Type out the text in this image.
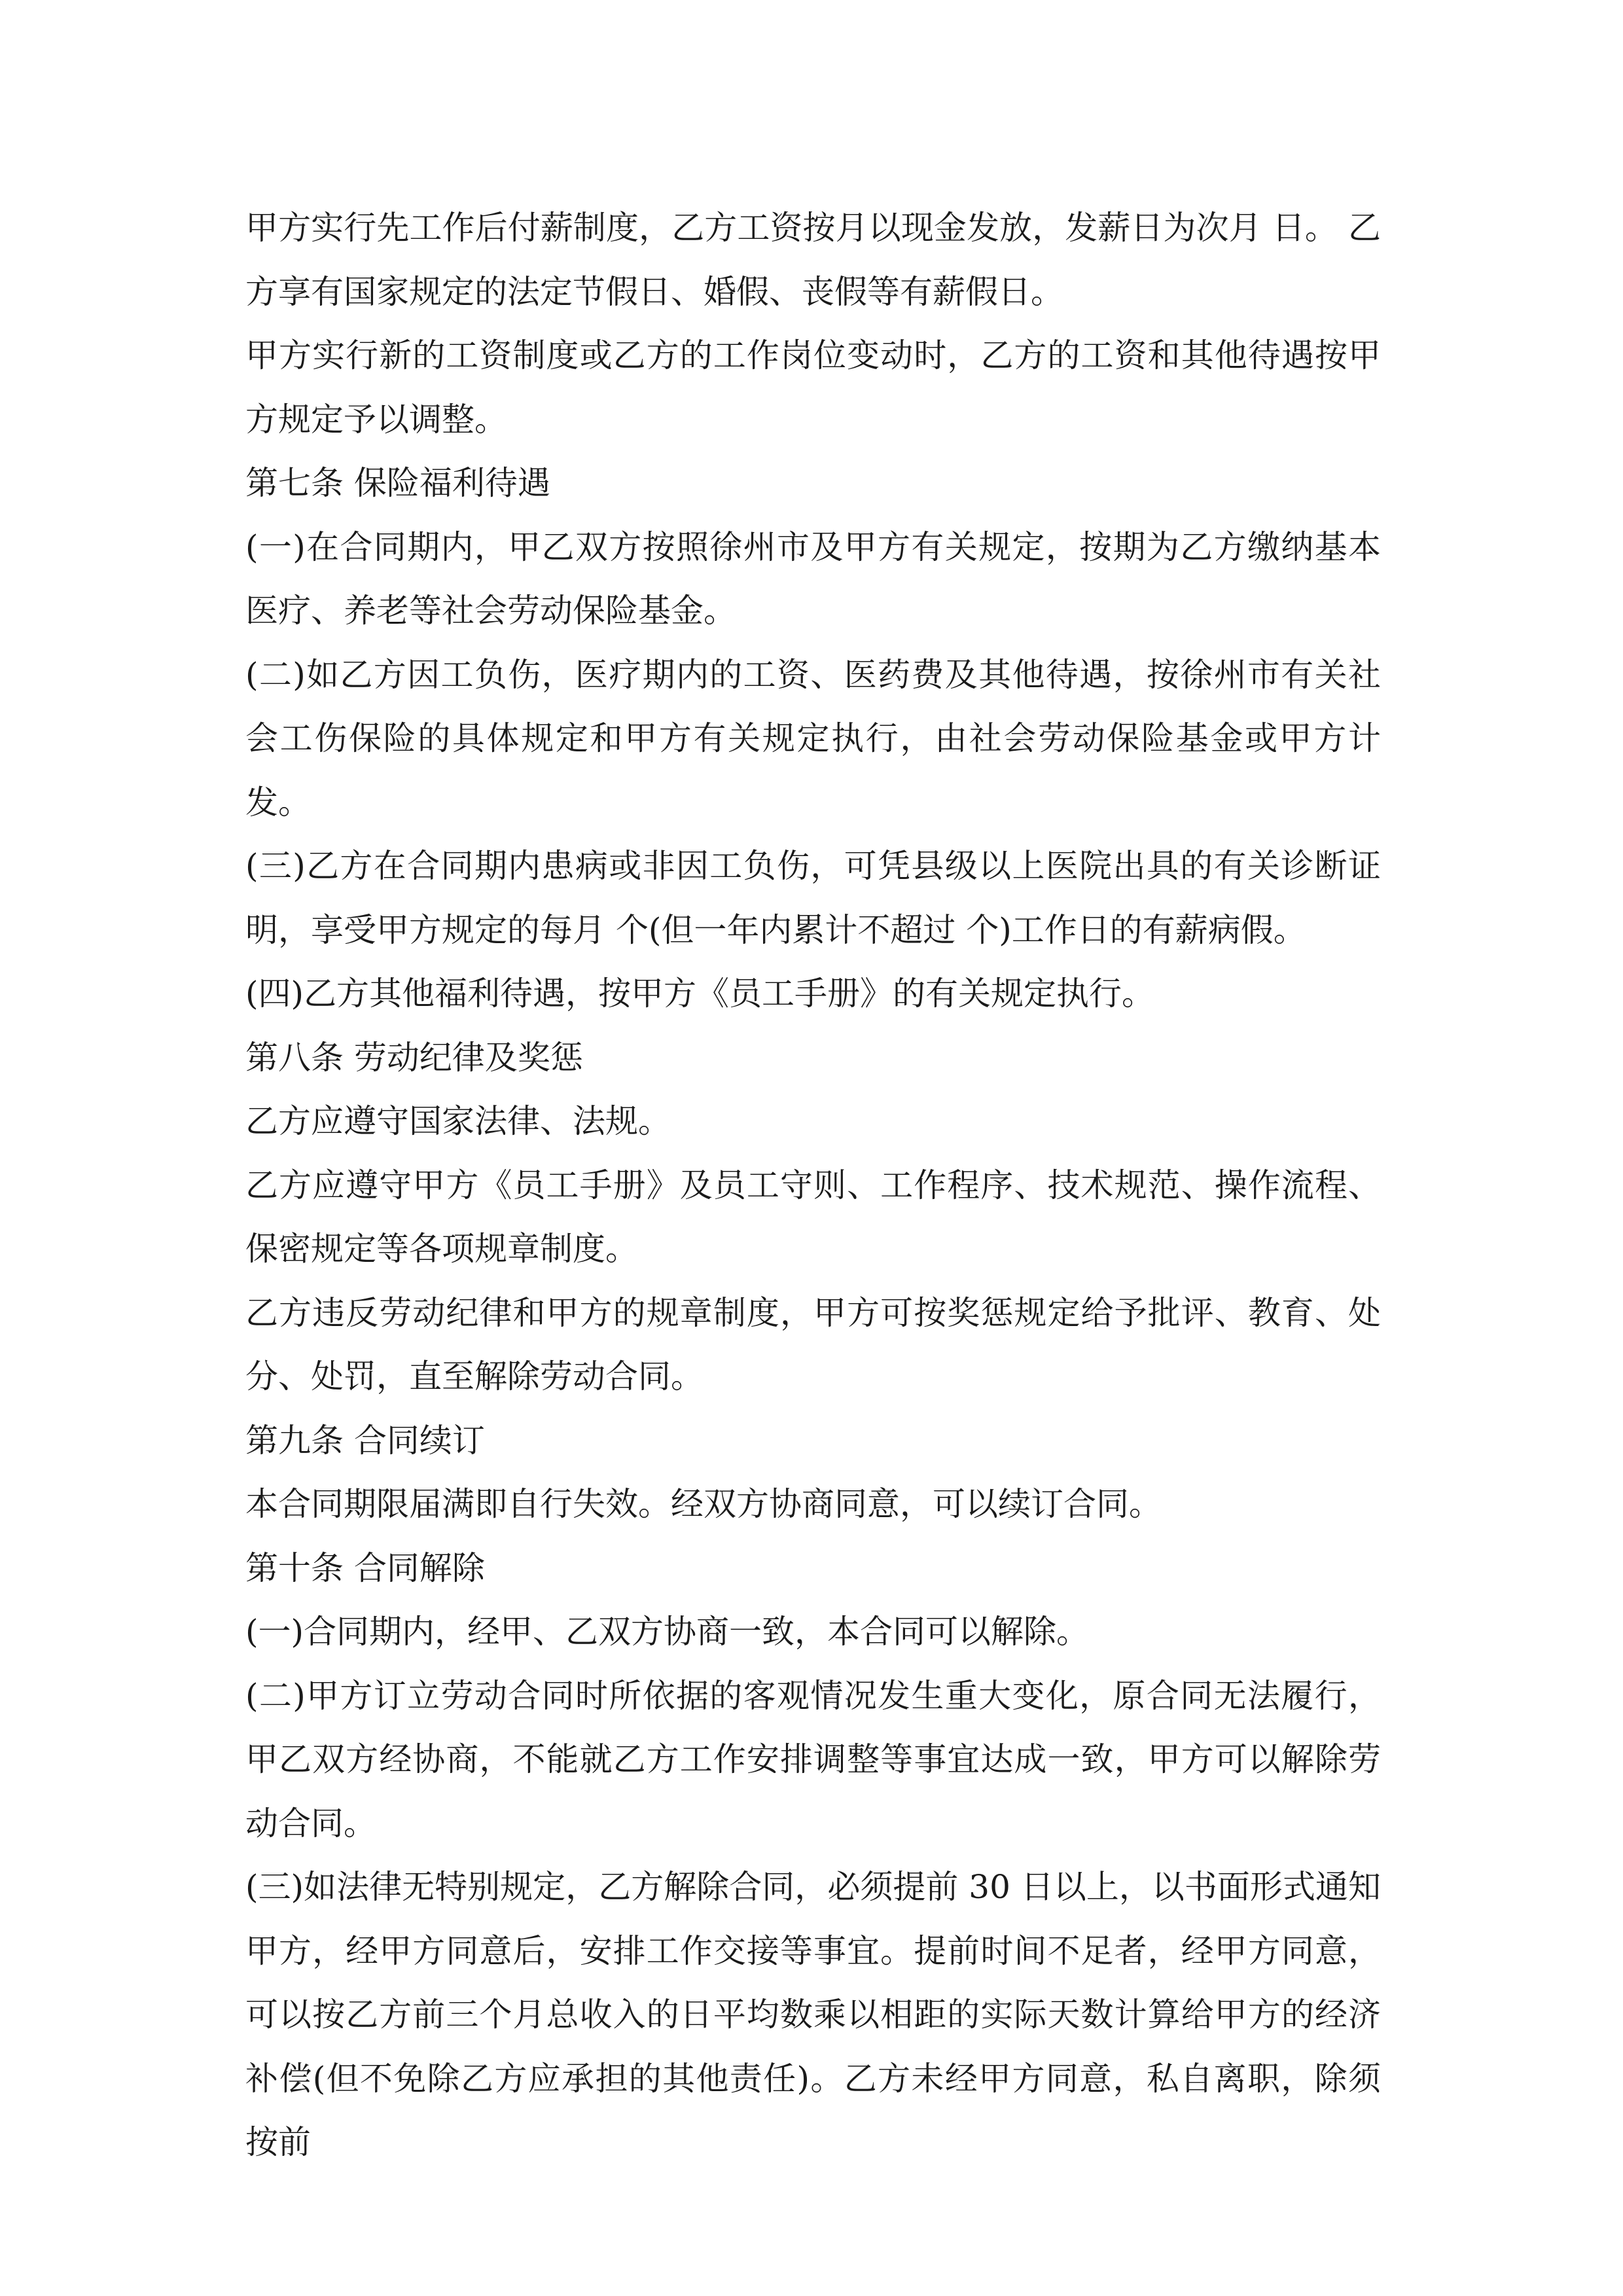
甲方实行先工作后付薪制度，乙方工资按月以现金发放，发薪日为次月 日。 乙方享有国家规定的法定节假日、婚假、丧假等有薪假日。

甲方实行新的工资制度或乙方的工作岗位变动时，乙方的工资和其他待遇按甲方规定予以调整。

第七条 保险福利待遇

(一)在合同期内，甲乙双方按照徐州市及甲方有关规定，按期为乙方缴纳基本医疗、养老等社会劳动保险基金。

(二)如乙方因工负伤，医疗期内的工资、医药费及其他待遇，按徐州市有关社会工伤保险的具体规定和甲方有关规定执行，由社会劳动保险基金或甲方计发。

(三)乙方在合同期内患病或非因工负伤，可凭县级以上医院出具的有关诊断证明，享受甲方规定的每月 个(但一年内累计不超过 个)工作日的有薪病假。

(四)乙方其他福利待遇，按甲方《员工手册》的有关规定执行。

第八条 劳动纪律及奖惩

乙方应遵守国家法律、法规。

乙方应遵守甲方《员工手册》及员工守则、工作程序、技术规范、操作流程、保密规定等各项规章制度。

乙方违反劳动纪律和甲方的规章制度，甲方可按奖惩规定给予批评、教育、处分、处罚，直至解除劳动合同。

第九条 合同续订

本合同期限届满即自行失效。经双方协商同意，可以续订合同。

第十条 合同解除

(一)合同期内，经甲、乙双方协商一致，本合同可以解除。

(二)甲方订立劳动合同时所依据的客观情况发生重大变化，原合同无法履行，甲乙双方经协商，不能就乙方工作安排调整等事宜达成一致，甲方可以解除劳动合同。

(三)如法律无特别规定，乙方解除合同，必须提前 30 日以上，以书面形式通知甲方，经甲方同意后，安排工作交接等事宜。提前时间不足者，经甲方同意，可以按乙方前三个月总收入的日平均数乘以相距的实际天数计算给甲方的经济补偿(但不免除乙方应承担的其他责任)。乙方未经甲方同意，私自离职，除须按前
